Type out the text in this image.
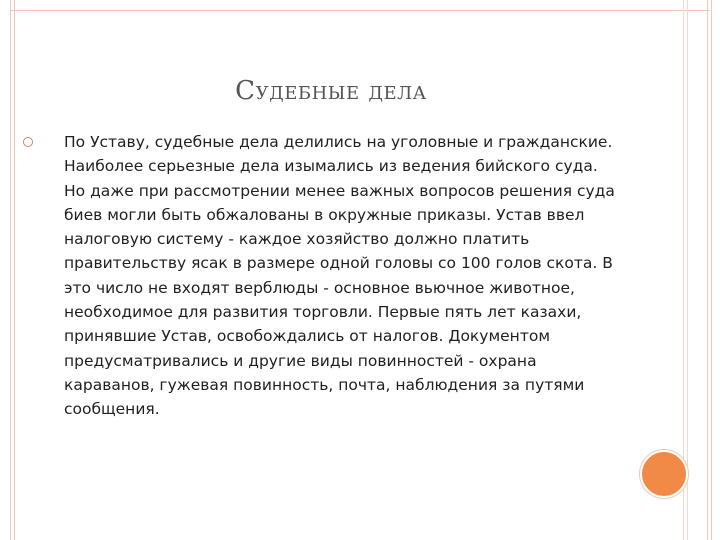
Судебные дела
По Уставу, судебные дела делились на уголовные и гражданские. Наиболее серьезные дела изымались из ведения бийского суда. Но даже при рассмотрении менее важных вопросов решения суда биев могли быть обжалованы в окружные приказы. Устав ввел налоговую систему - каждое хозяйство должно платить правительству ясак в размере одной головы со 100 голов скота. В это число не входят верблюды - основное вьючное животное, необходимое для развития торговли. Первые пять лет казахи, принявшие Устав, освобождались от налогов. Документом предусматривались и другие виды повинностей - охрана караванов, гужевая повинность, почта, наблюдения за путями сообщения.
